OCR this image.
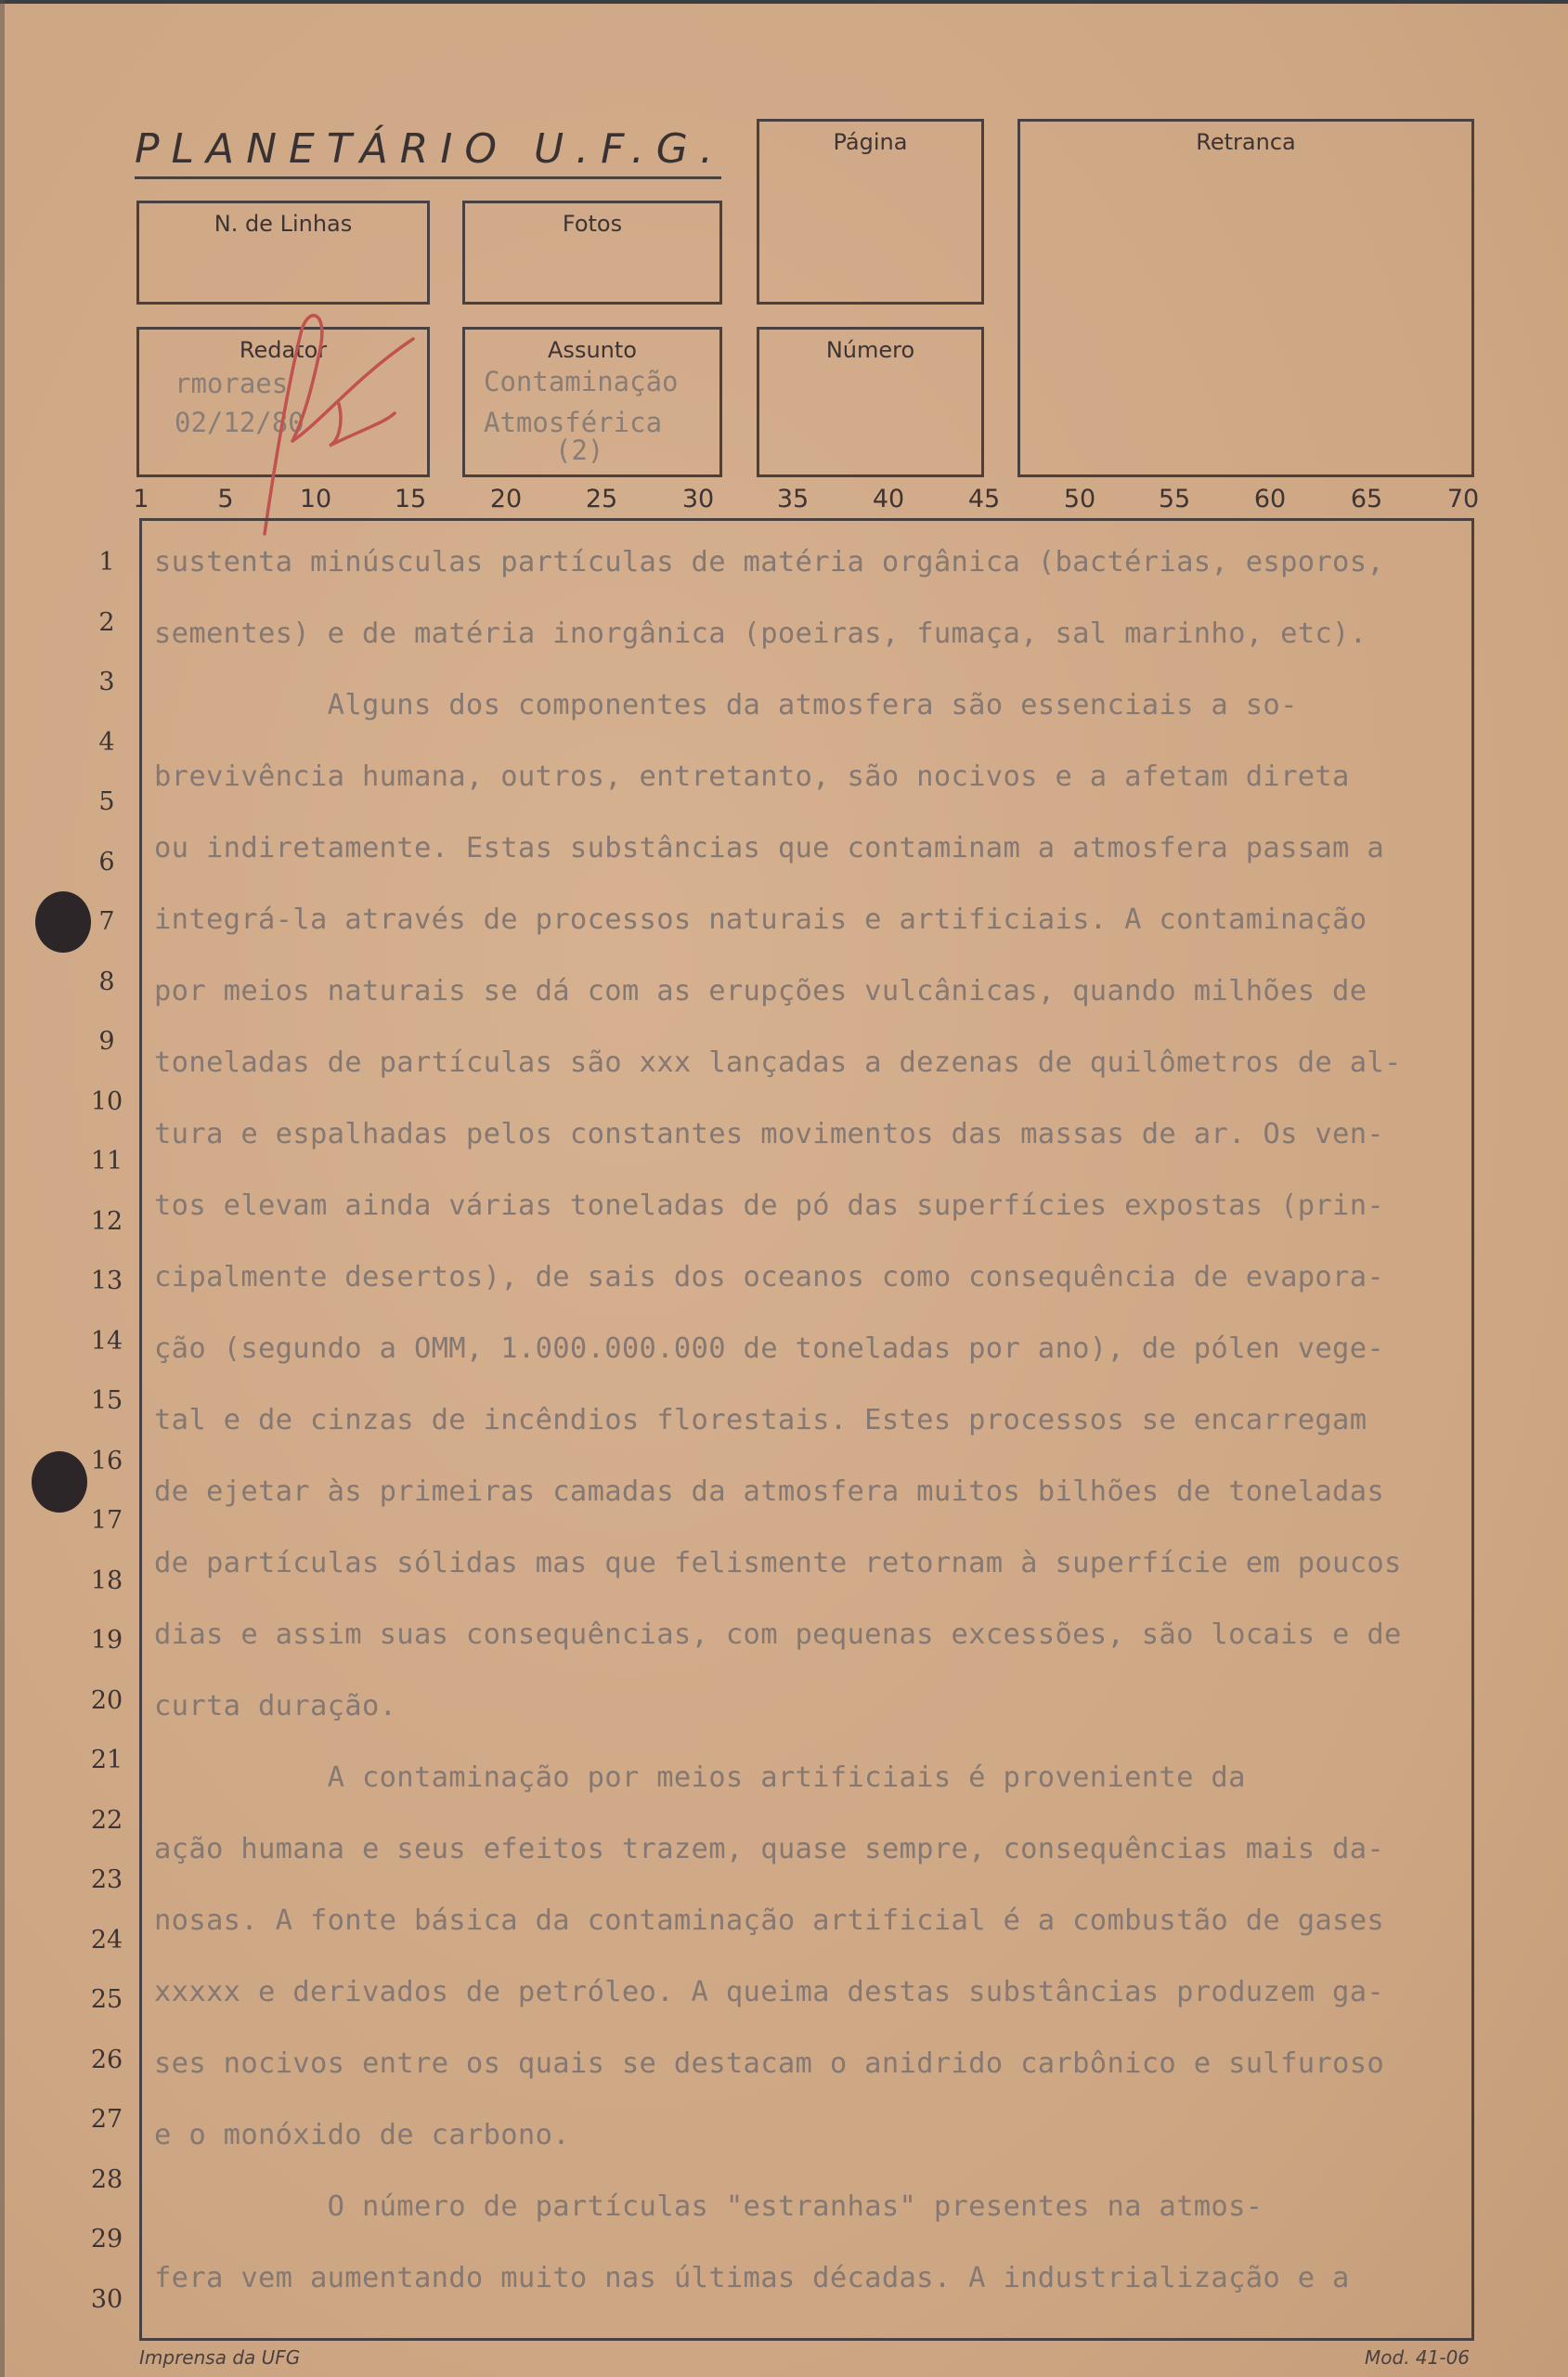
PLANETÁRIO U.F.G.	Página	Retranca
N. de Linhas	Fotos
Redator
rmoraes
02/12/80
Assunto
Contaminação
Atmosférica
(2)
Número
1	5	10	15	20	25	30	35	40	45	50	55	60	65	70
1
2
3
4
5
6
7
8
9
10
11
12
13
14
15
16
17
18
19
20
21
22
23
24
25
26
27
28
29
30
sustenta minúsculas partículas de matéria orgânica (bactérias, esporos,
sementes) e de matéria inorgânica (poeiras, fumaça, sal marinho, etc).
Alguns dos componentes da atmosfera são essenciais a so-
brevivência humana, outros, entretanto, são nocivos e a afetam direta
ou indiretamente. Estas substâncias que contaminam a atmosfera passam a
integrá-la através de processos naturais e artificiais. A contaminação
por meios naturais se dá com as erupções vulcânicas, quando milhões de
toneladas de partículas são xxx lançadas a dezenas de quilômetros de al-
tura e espalhadas pelos constantes movimentos das massas de ar. Os ven-
tos elevam ainda várias toneladas de pó das superfícies expostas (prin-
cipalmente desertos), de sais dos oceanos como consequência de evapora-
ção (segundo a OMM, 1.000.000.000 de toneladas por ano), de pólen vege-
tal e de cinzas de incêndios florestais. Estes processos se encarregam
de ejetar às primeiras camadas da atmosfera muitos bilhões de toneladas
de partículas sólidas mas que felismente retornam à superfície em poucos
dias e assim suas consequências, com pequenas excessões, são locais e de
curta duração.
A contaminação por meios artificiais é proveniente da
ação humana e seus efeitos trazem, quase sempre, consequências mais da-
nosas. A fonte básica da contaminação artificial é a combustão de gases
xxxxx e derivados de petróleo. A queima destas substâncias produzem ga-
ses nocivos entre os quais se destacam o anidrido carbônico e sulfuroso
e o monóxido de carbono.
O número de partículas "estranhas" presentes na atmos-
fera vem aumentando muito nas últimas décadas. A industrialização e a
Imprensa da UFG	Mod. 41-06
